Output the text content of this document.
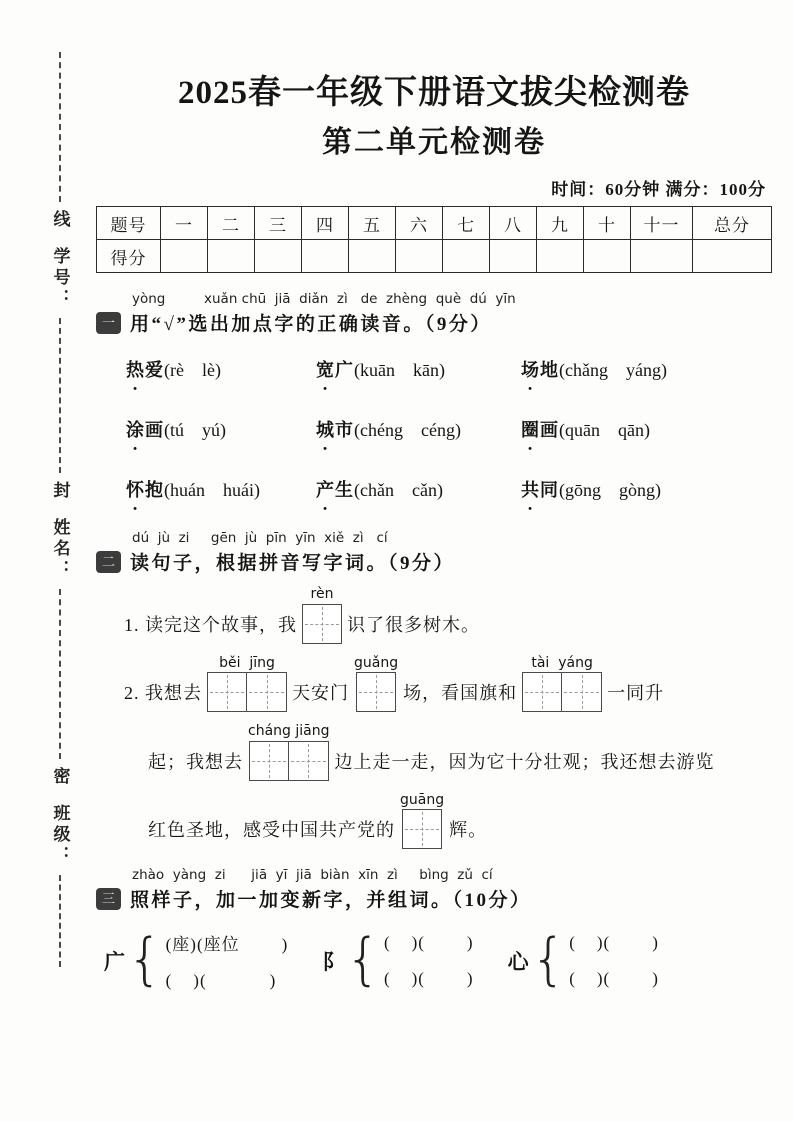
线
学号：
封
姓名：
密
班级：
2025春一年级下册语文拔尖检测卷
第二单元检测卷
时间：60分钟 满分：100分
题号	一	二	三	四	五	六	七	八	九	十	十一	总分
得分												
yòng         xuǎn chū  jiā  diǎn  zì   de  zhèng  què  dú  yīn
一 用“√”选出加点字的正确读音。（9分）
热爱(rè　lè)	宽广(kuān　kān)	场地(chǎng　yáng)
涂画(tú　yú)	城市(chéng　céng)	圈画(quān　qān)
怀抱(huán　huái)	产生(chǎn　cǎn)	共同(gōng　gòng)
dú  jù  zi     gēn  jù  pīn  yīn  xiě  zì   cí
二 读句子，根据拼音写字词。（9分）
1. 读完这个故事，我
rèn
识了很多树木。
2. 我想去
běi  jīng
天安门
guǎng
场，看国旗和
tài  yáng
一同升
起；我想去
cháng jiāng
边上走一走，因为它十分壮观；我还想去游览
红色圣地，感受中国共产党的
guāng
辉。
zhào  yàng  zi      jiā  yī  jiā  biàn  xīn  zì     bìng  zǔ  cí
三 照样子，加一加变新字，并组词。（10分）
广 { (座)(座位        )
(    )(            )
阝 { (    )(        )
(    )(        )
心 { (    )(        )
(    )(        )
